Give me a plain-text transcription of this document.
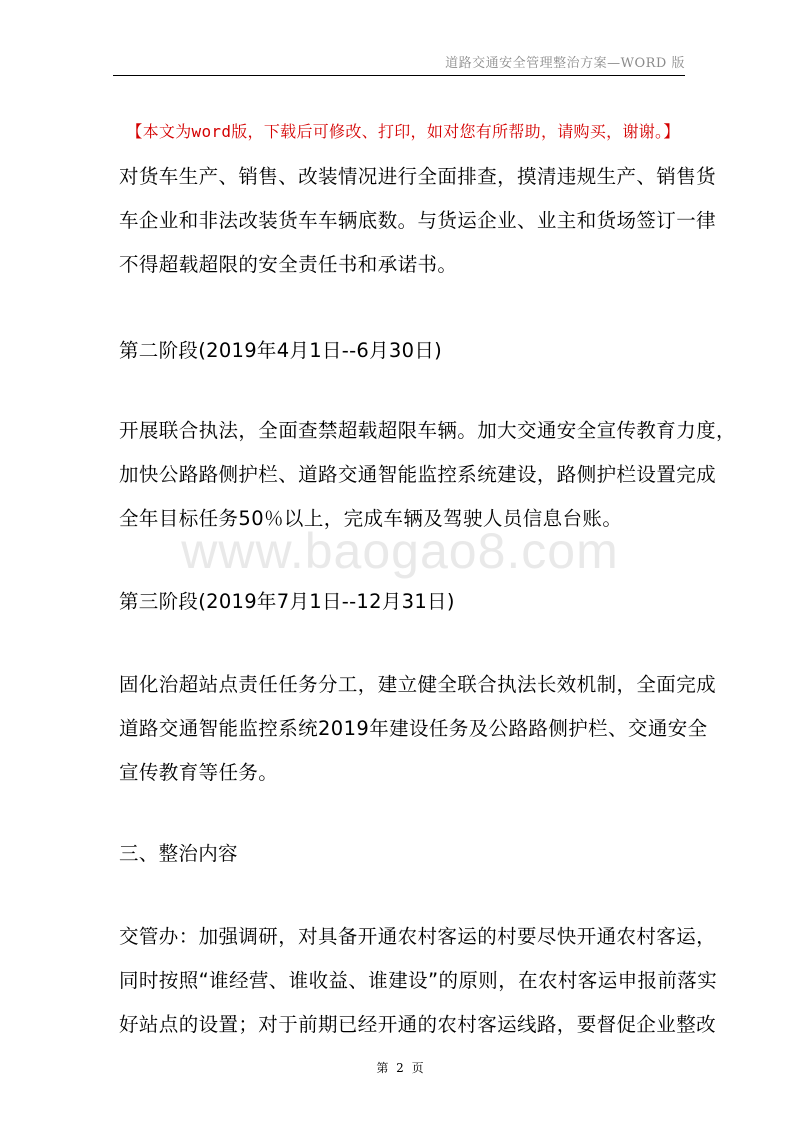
道路交通安全管理整治方案—WORD 版
【本文为word版，下载后可修改、打印，如对您有所帮助，请购买，谢谢。】
对货车生产、销售、改装情况进行全面排查，摸清违规生产、销售货
车企业和非法改装货车车辆底数。与货运企业、业主和货场签订一律
不得超载超限的安全责任书和承诺书。
第二阶段(2019年4月1日--6月30日)
开展联合执法，全面查禁超载超限车辆。加大交通安全宣传教育力度，
加快公路路侧护栏、道路交通智能监控系统建设，路侧护栏设置完成
全年目标任务50％以上，完成车辆及驾驶人员信息台账。
www.baogao8.com
第三阶段(2019年7月1日--12月31日)
固化治超站点责任任务分工，建立健全联合执法长效机制，全面完成
道路交通智能监控系统2019年建设任务及公路路侧护栏、交通安全
宣传教育等任务。
三、整治内容
交管办：加强调研，对具备开通农村客运的村要尽快开通农村客运，
同时按照“谁经营、谁收益、谁建设”的原则，在农村客运申报前落实
好站点的设置；对于前期已经开通的农村客运线路，要督促企业整改
第 2 页
